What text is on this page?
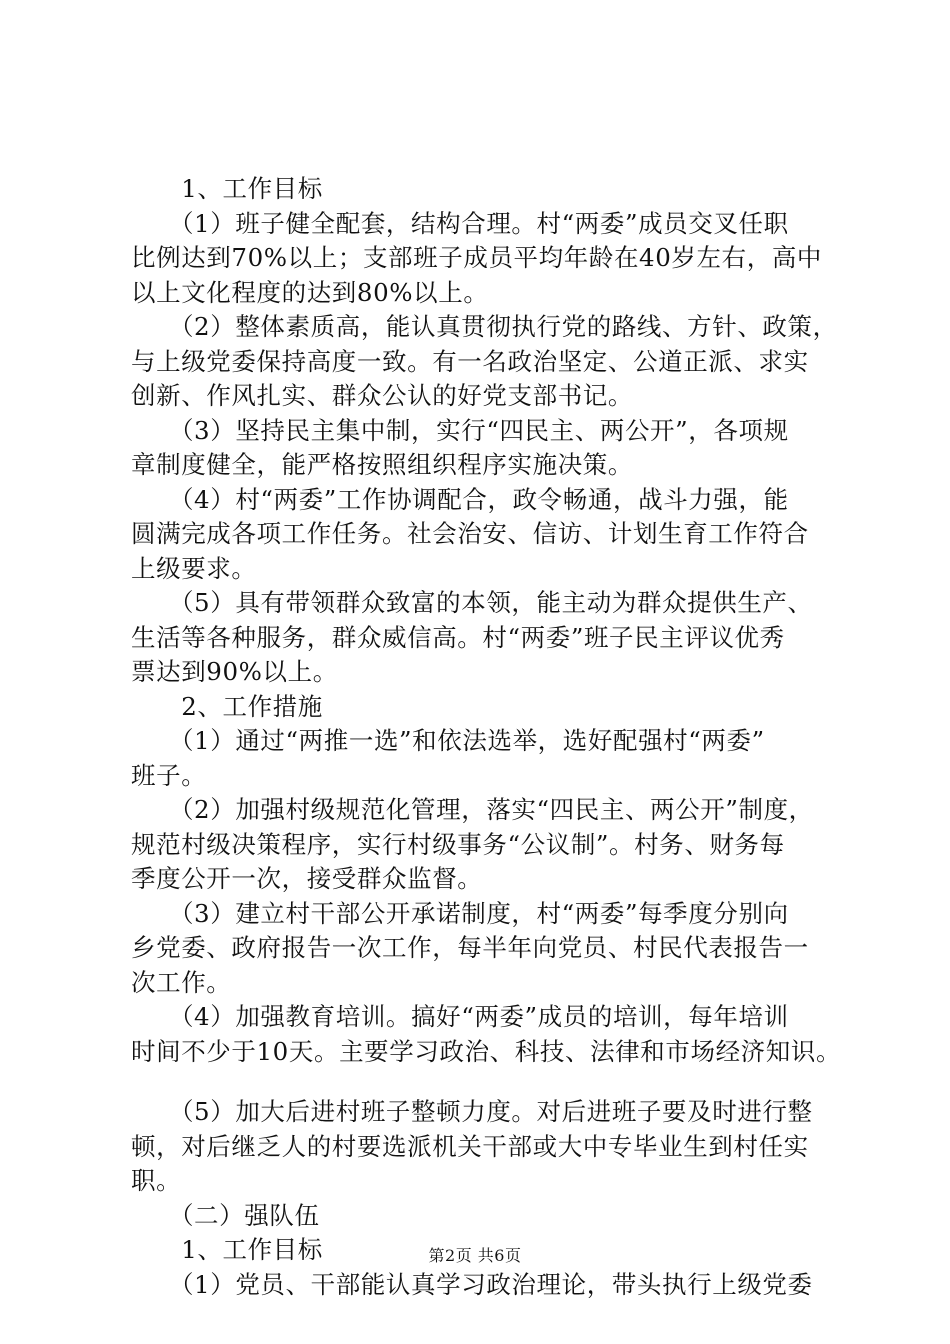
　　1、工作目标
　　（1）班子健全配套，结构合理。村“两委”成员交叉任职
比例达到70%以上；支部班子成员平均年龄在40岁左右，高中
以上文化程度的达到80%以上。
　　（2）整体素质高，能认真贯彻执行党的路线、方针、政策，
与上级党委保持高度一致。有一名政治坚定、公道正派、求实
创新、作风扎实、群众公认的好党支部书记。
　　（3）坚持民主集中制，实行“四民主、两公开”，各项规
章制度健全，能严格按照组织程序实施决策。
　　（4）村“两委”工作协调配合，政令畅通，战斗力强，能
圆满完成各项工作任务。社会治安、信访、计划生育工作符合
上级要求。
　　（5）具有带领群众致富的本领，能主动为群众提供生产、
生活等各种服务，群众威信高。村“两委”班子民主评议优秀
票达到90%以上。
　　2、工作措施
　　（1）通过“两推一选”和依法选举，选好配强村“两委”
班子。
　　（2）加强村级规范化管理，落实“四民主、两公开”制度，
规范村级决策程序，实行村级事务“公议制”。村务、财务每
季度公开一次，接受群众监督。
　　（3）建立村干部公开承诺制度，村“两委”每季度分别向
乡党委、政府报告一次工作，每半年向党员、村民代表报告一
次工作。
　　（4）加强教育培训。搞好“两委”成员的培训，每年培训
时间不少于10天。主要学习政治、科技、法律和市场经济知识。
　　（5）加大后进村班子整顿力度。对后进班子要及时进行整
顿，对后继乏人的村要选派机关干部或大中专毕业生到村任实
职。
　　（二）强队伍
　　1、工作目标
　　（1）党员、干部能认真学习政治理论，带头执行上级党委
第2页 共6页
